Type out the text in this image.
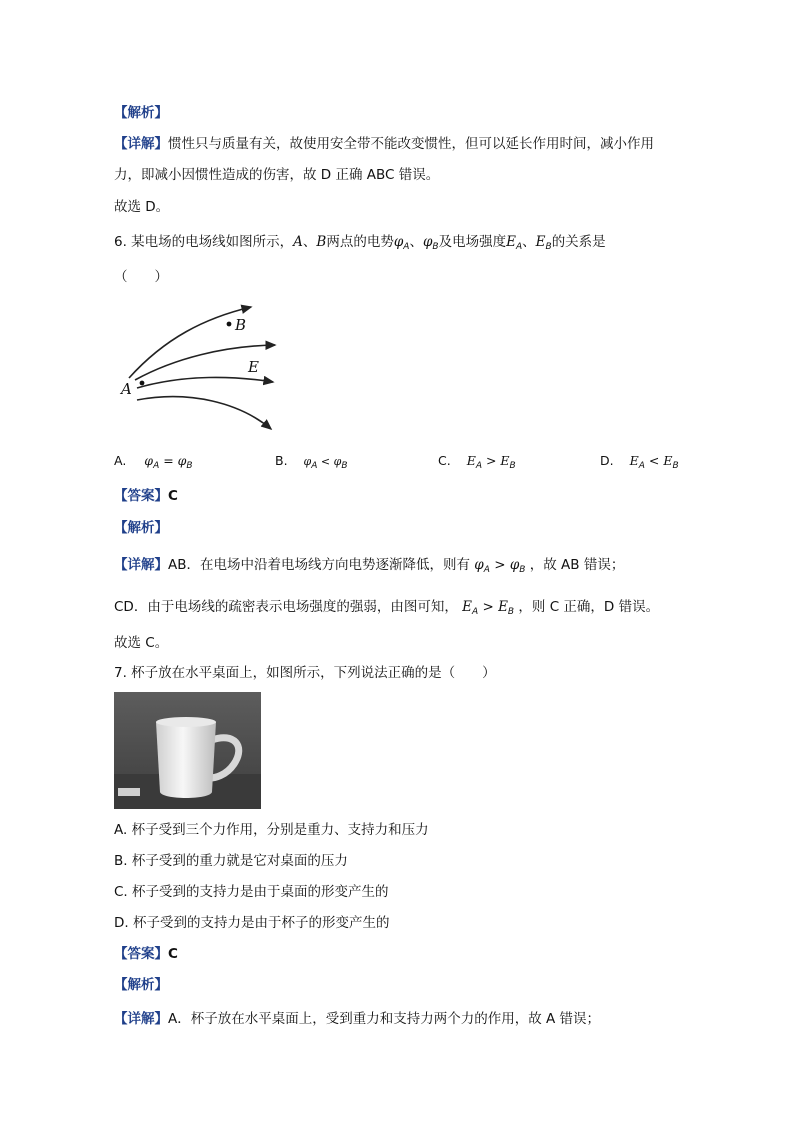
【解析】
【详解】惯性只与质量有关，故使用安全带不能改变惯性，但可以延长作用时间，减小作用
力，即减小因惯性造成的伤害，故 D 正确 ABC 错误。
故选 D。
6. 某电场的电场线如图所示，A、B两点的电势$\varphi_A$、$\varphi_B$及电场强度$E_A$、$E_B$的关系是
（　　）
A
B
E
A. $\varphi_A = \varphi_B$	B. $\varphi_A < \varphi_B$	C. $E_A > E_B$	D. $E_A < E_B$
【答案】C
【解析】
【详解】AB．在电场中沿着电场线方向电势逐渐降低，则有 $\varphi_A > \varphi_B$ ，故 AB 错误；
CD．由于电场线的疏密表示电场强度的强弱，由图可知， $E_A > E_B$ ，则 C 正确，D 错误。
故选 C。
7. 杯子放在水平桌面上，如图所示，下列说法正确的是（　　）
A. 杯子受到三个力作用，分别是重力、支持力和压力
B. 杯子受到的重力就是它对桌面的压力
C. 杯子受到的支持力是由于桌面的形变产生的
D. 杯子受到的支持力是由于杯子的形变产生的
【答案】C
【解析】
【详解】A．杯子放在水平桌面上，受到重力和支持力两个力的作用，故 A 错误；
